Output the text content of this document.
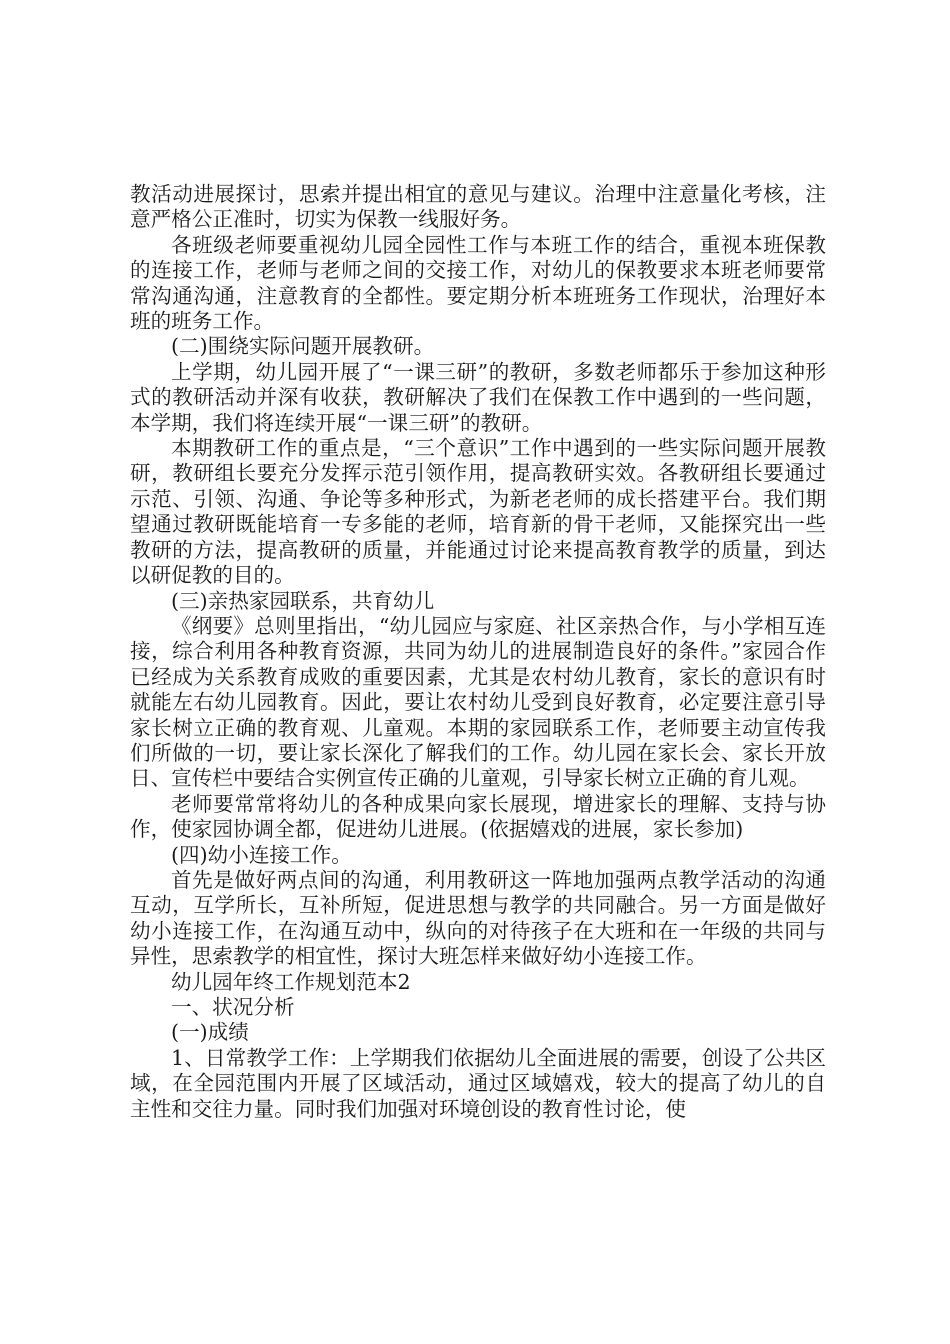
教活动进展探讨，思索并提出相宜的意见与建议。治理中注意量化考核，注意严格公正准时，切实为保教一线服好务。

各班级老师要重视幼儿园全园性工作与本班工作的结合，重视本班保教的连接工作，老师与老师之间的交接工作，对幼儿的保教要求本班老师要常常沟通沟通，注意教育的全都性。要定期分析本班班务工作现状，治理好本班的班务工作。

(二)围绕实际问题开展教研。

上学期，幼儿园开展了“一课三研”的教研，多数老师都乐于参加这种形式的教研活动并深有收获，教研解决了我们在保教工作中遇到的一些问题，本学期，我们将连续开展“一课三研”的教研。

本期教研工作的重点是，“三个意识”工作中遇到的一些实际问题开展教研，教研组长要充分发挥示范引领作用，提高教研实效。各教研组长要通过示范、引领、沟通、争论等多种形式，为新老老师的成长搭建平台。我们期望通过教研既能培育一专多能的老师，培育新的骨干老师，又能探究出一些教研的方法，提高教研的质量，并能通过讨论来提高教育教学的质量，到达以研促教的目的。

(三)亲热家园联系，共育幼儿

《纲要》总则里指出，“幼儿园应与家庭、社区亲热合作，与小学相互连接，综合利用各种教育资源，共同为幼儿的进展制造良好的条件。”家园合作已经成为关系教育成败的重要因素，尤其是农村幼儿教育，家长的意识有时就能左右幼儿园教育。因此，要让农村幼儿受到良好教育，必定要注意引导家长树立正确的教育观、儿童观。本期的家园联系工作，老师要主动宣传我们所做的一切，要让家长深化了解我们的工作。幼儿园在家长会、家长开放日、宣传栏中要结合实例宣传正确的儿童观，引导家长树立正确的育儿观。

老师要常常将幼儿的各种成果向家长展现，增进家长的理解、支持与协作，使家园协调全都，促进幼儿进展。(依据嬉戏的进展，家长参加)

(四)幼小连接工作。

首先是做好两点间的沟通，利用教研这一阵地加强两点教学活动的沟通互动，互学所长，互补所短，促进思想与教学的共同融合。另一方面是做好幼小连接工作，在沟通互动中，纵向的对待孩子在大班和在一年级的共同与异性，思索教学的相宜性，探讨大班怎样来做好幼小连接工作。

幼儿园年终工作规划范本2

一、状况分析

(一)成绩

1、日常教学工作：上学期我们依据幼儿全面进展的需要，创设了公共区域，在全园范围内开展了区域活动，通过区域嬉戏，较大的提高了幼儿的自主性和交往力量。同时我们加强对环境创设的教育性讨论，使
